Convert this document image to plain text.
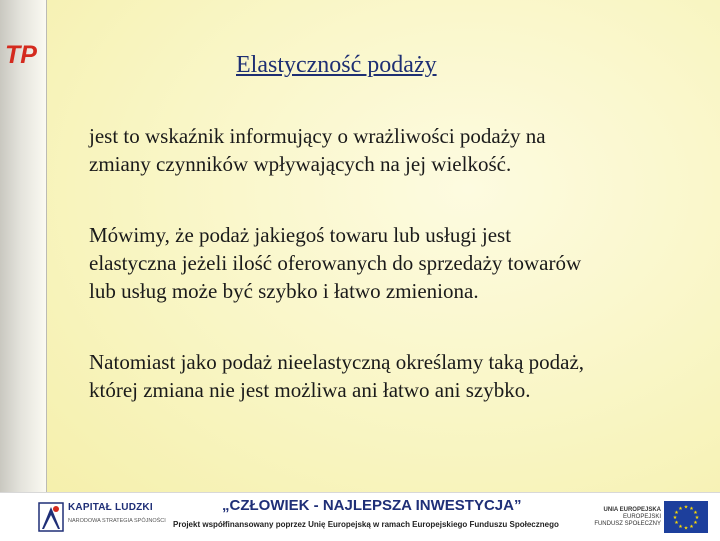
TP	Elastyczność podaży
jest to wskaźnik informujący o wrażliwości podaży na
zmiany czynników wpływających na jej wielkość.
Mówimy, że podaż jakiegoś towaru lub usługi jest
elastyczna jeżeli ilość oferowanych do sprzedaży towarów
lub usług może być szybko i łatwo zmieniona.
Natomiast jako podaż nieelastyczną określamy taką podaż,
której zmiana nie jest możliwa ani łatwo ani szybko.
KAPITAŁ LUDZKI
NARODOWA STRATEGIA SPÓJNOŚCI
„CZŁOWIEK - NAJLEPSZA INWESTYCJA”
Projekt współfinansowany poprzez Unię Europejską w ramach Europejskiego Funduszu Społecznego
UNIA EUROPEJSKA
EUROPEJSKI
FUNDUSZ SPOŁECZNY
★ ★
★
★
★
★
★
★
★
★
★
★
